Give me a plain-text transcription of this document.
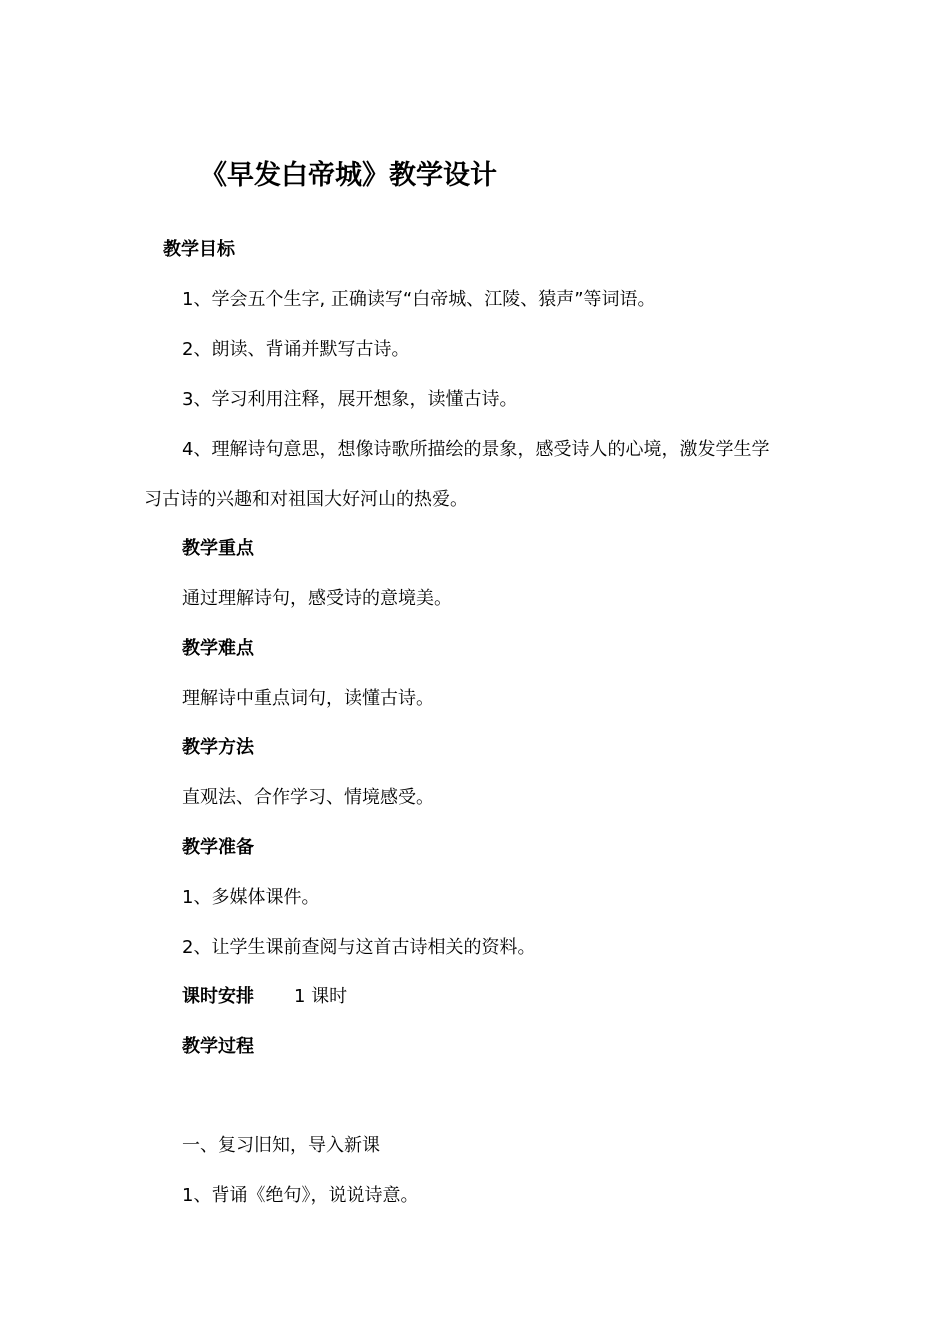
《早发白帝城》教学设计
教学目标
1、学会五个生字, 正确读写“白帝城、江陵、猿声”等词语。
2、朗读、背诵并默写古诗。
3、学习利用注释，展开想象，读懂古诗。
4、理解诗句意思，想像诗歌所描绘的景象，感受诗人的心境，激发学生学
习古诗的兴趣和对祖国大好河山的热爱。
教学重点
通过理解诗句，感受诗的意境美。
教学难点
理解诗中重点词句，读懂古诗。
教学方法
直观法、合作学习、情境感受。
教学准备
1、多媒体课件。
2、让学生课前查阅与这首古诗相关的资料。
课时安排 1 课时
教学过程
一、复习旧知，导入新课
1、背诵《绝句》，说说诗意。
